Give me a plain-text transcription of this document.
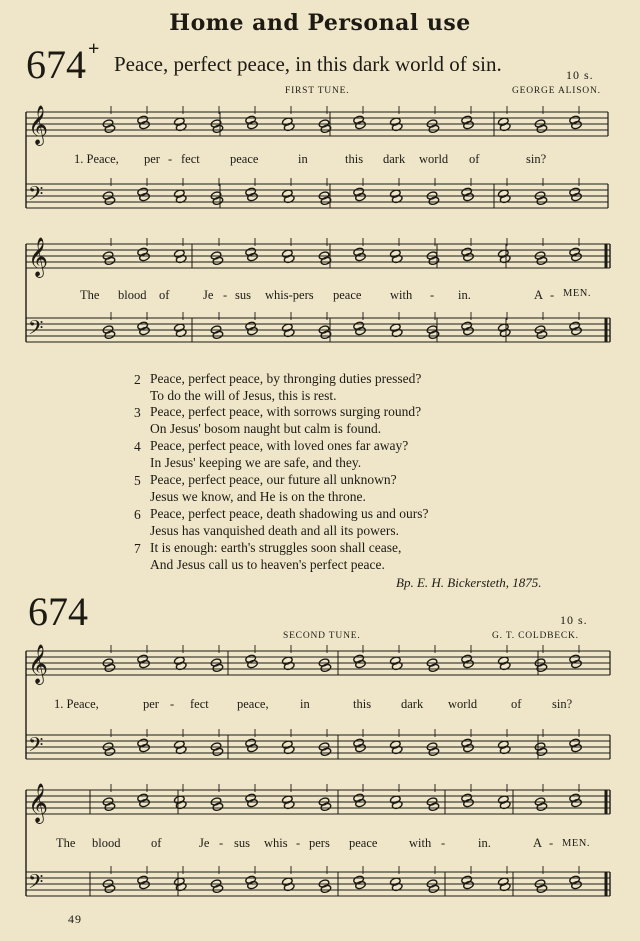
Home and Personal use
674 +
Peace, perfect peace, in this dark world of sin.	10 s.
FIRST TUNE.	GEORGE ALISON.
𝄞
𝄢
𝄞
𝄢
𝄞
𝄢
𝄞
𝄢
1. Peace, per - fect peace	in	this dark world of	sin?
The blood of	Je - sus whis-pers peace with - in.	A - MEN.
2 Peace, perfect peace, by thronging duties pressed?
To do the will of Jesus, this is rest.
3 Peace, perfect peace, with sorrows surging round?
On Jesus' bosom naught but calm is found.
4 Peace, perfect peace, with loved ones far away?
In Jesus' keeping we are safe, and they.
5 Peace, perfect peace, our future all unknown?
Jesus we know, and He is on the throne.
6 Peace, perfect peace, death shadowing us and ours?
Jesus has vanquished death and all its powers.
7 It is enough: earth's struggles soon shall cease,
And Jesus call us to heaven's perfect peace.
Bp. E. H. Bickersteth, 1875.
674	10 s.
SECOND TUNE.	G. T. COLDBECK.
1. Peace,	per - fect peace,	in	this dark world	of sin?
The blood of	Je - sus whis - pers peace	with -	in.	A - MEN.
49
